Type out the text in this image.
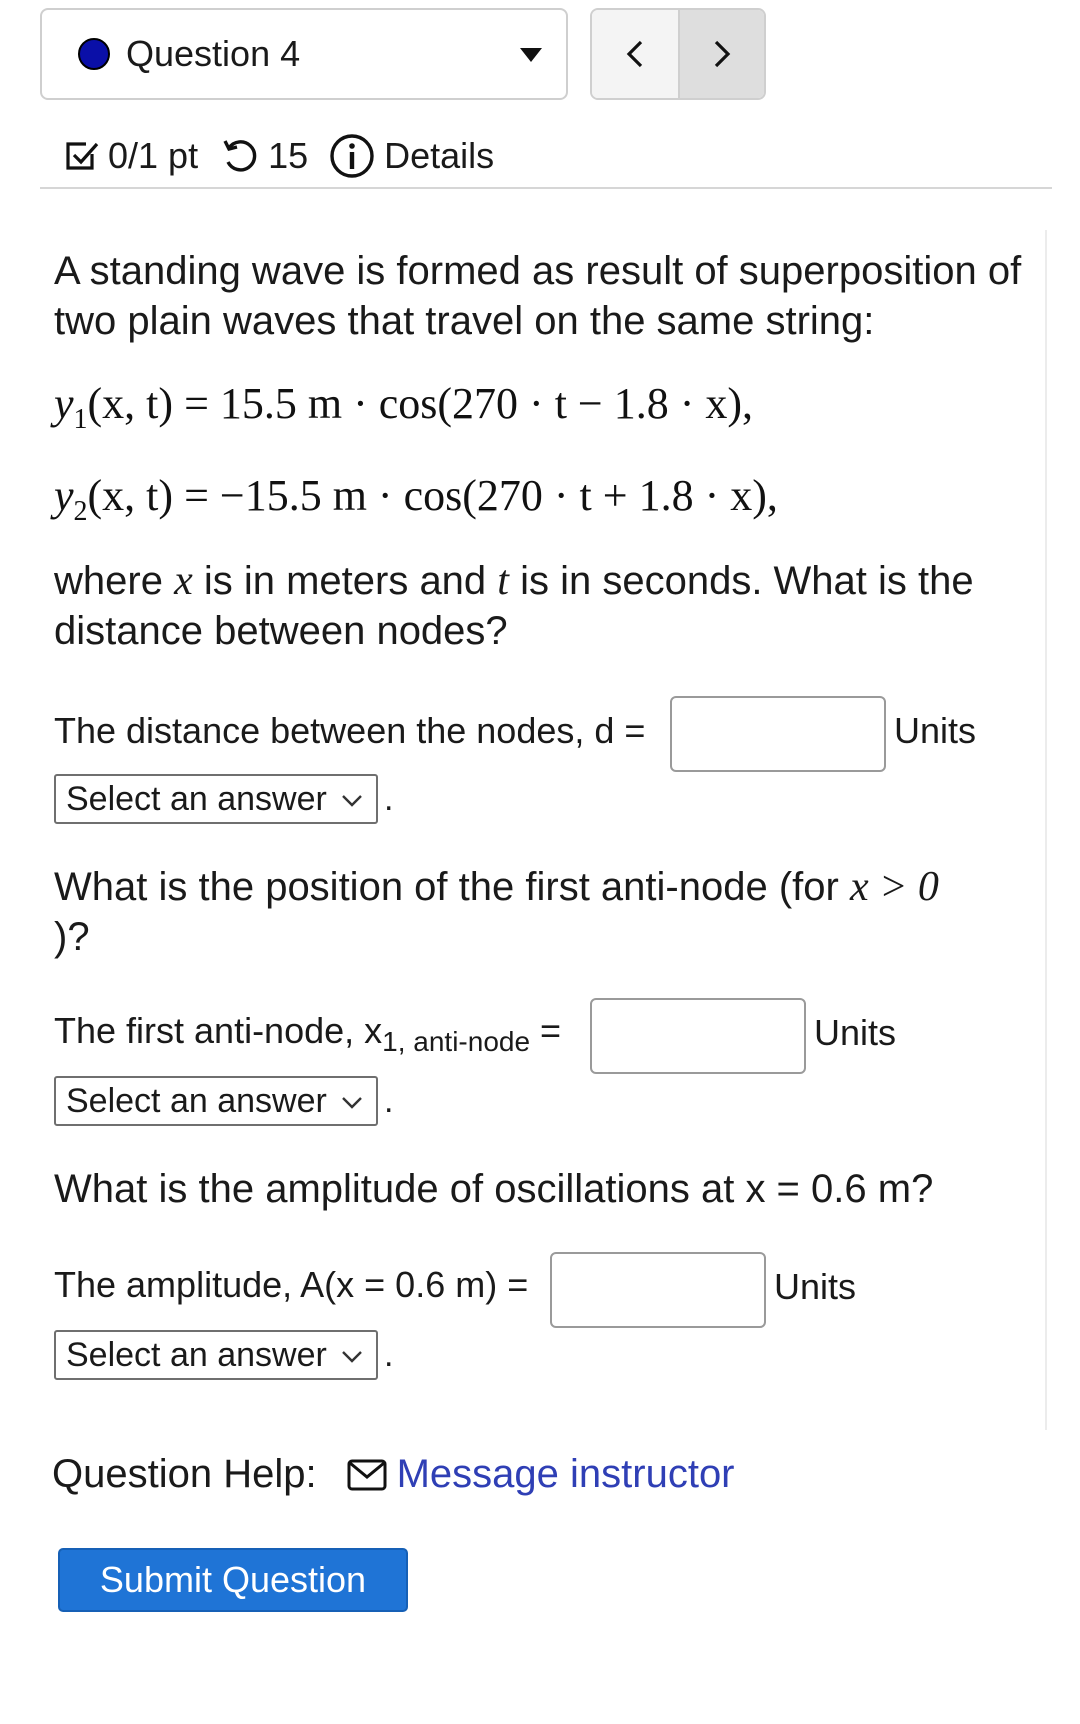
Question 4
0/1 pt 15 Details
A standing wave is formed as result of superposition of two plain waves that travel on the same string:
$y_1(x$, t) = 15.5 m · cos(270 · t − 1.8 · x),
$y_2(x$, t) = −15.5 m · cos(270 · t + 1.8 · x),
where x is in meters and t is in seconds. What is the distance between nodes?
The distance between the nodes, d =	Units
Select an answer .
What is the position of the first anti-node (for x > 0
)?
The first anti-node, $x_{1, anti-node}$ =	Units
Select an answer .
What is the amplitude of oscillations at x = 0.6 m?
The amplitude, A(x = 0.6 m) =	Units
Select an answer .
Question Help: Message instructor
Submit Question
